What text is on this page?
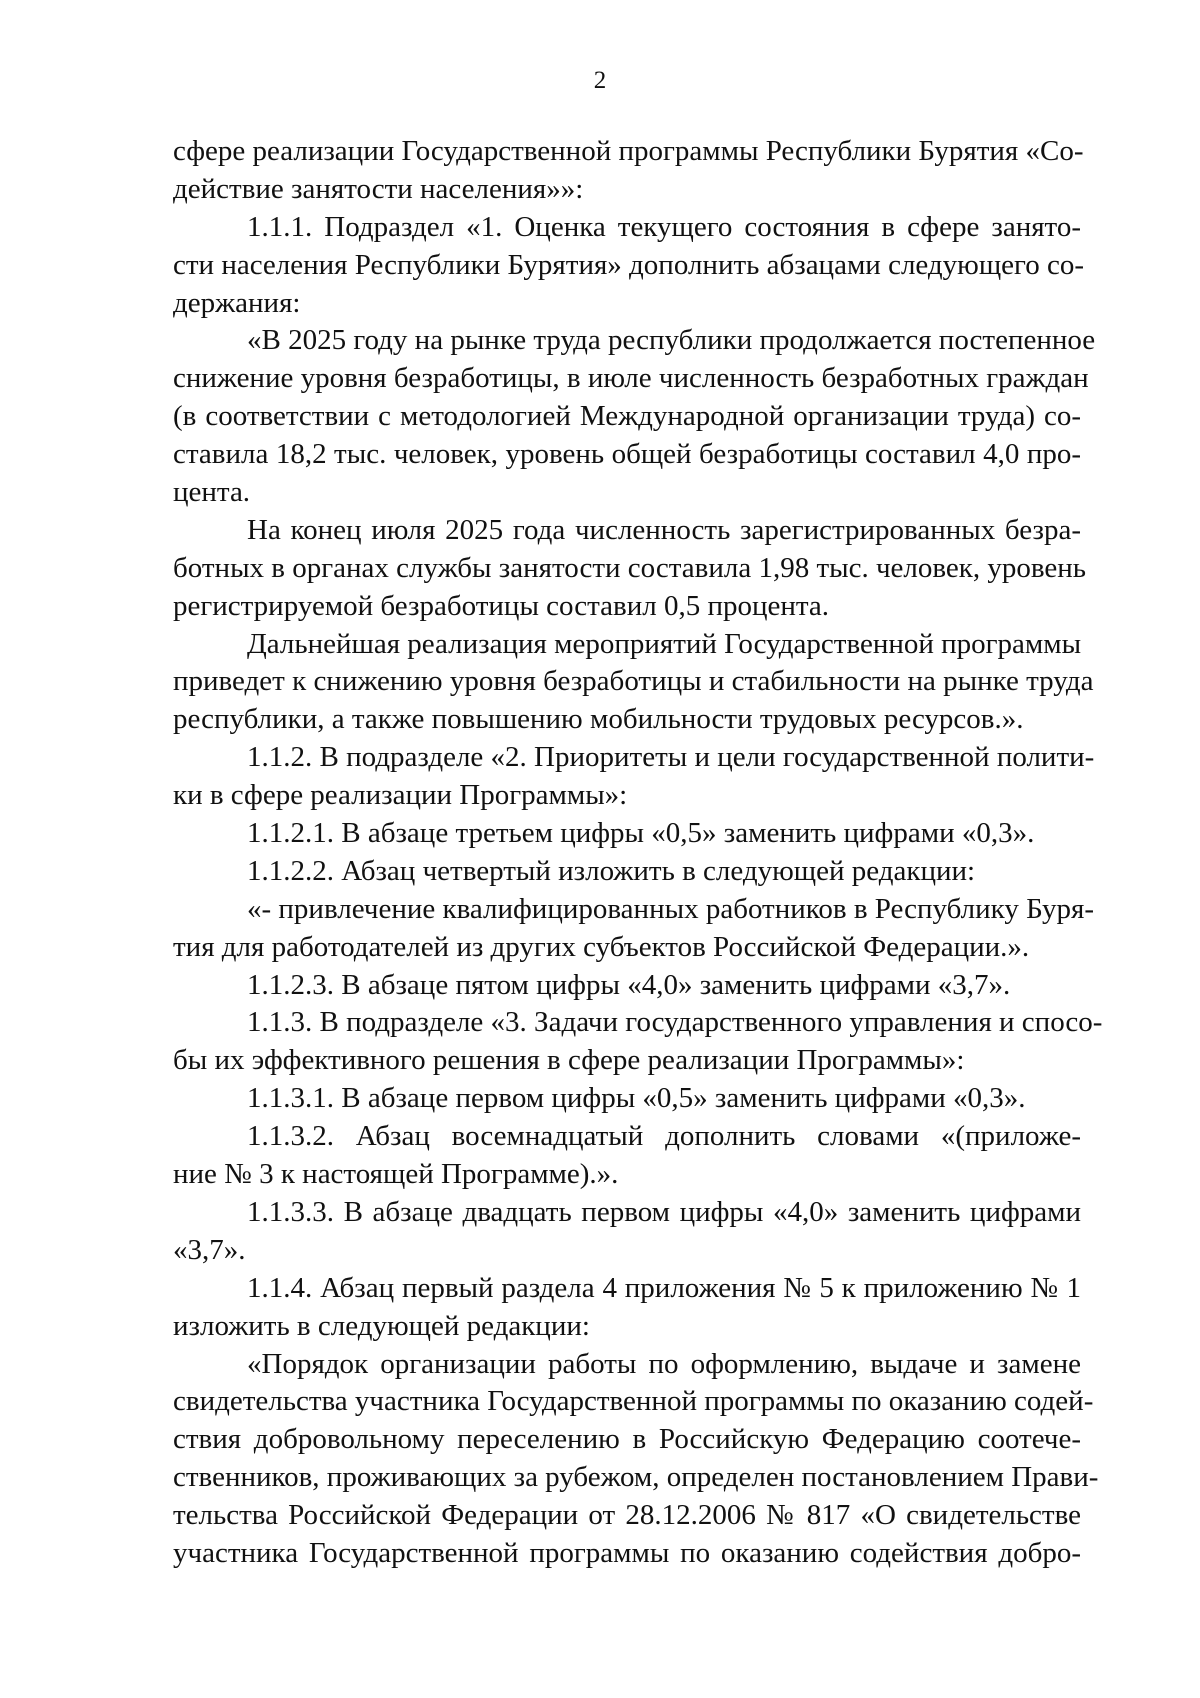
2
сфере реализации Государственной программы Республики Бурятия «Со-
действие занятости населения»»:
1.1.1. Подраздел «1. Оценка текущего состояния в сфере занято-
сти населения Республики Бурятия» дополнить абзацами следующего со-
держания:
«В 2025 году на рынке труда республики продолжается постепенное
снижение уровня безработицы, в июле численность безработных граждан
(в соответствии с методологией Международной организации труда) со-
ставила 18,2 тыс. человек, уровень общей безработицы составил 4,0 про-
цента.
На конец июля 2025 года численность зарегистрированных безра-
ботных в органах службы занятости составила 1,98 тыс. человек, уровень
регистрируемой безработицы составил 0,5 процента.
Дальнейшая реализация мероприятий Государственной программы
приведет к снижению уровня безработицы и стабильности на рынке труда
республики, а также повышению мобильности трудовых ресурсов.».
1.1.2. В подразделе «2. Приоритеты и цели государственной полити-
ки в сфере реализации Программы»:
1.1.2.1. В абзаце третьем цифры «0,5» заменить цифрами «0,3».
1.1.2.2. Абзац четвертый изложить в следующей редакции:
«- привлечение квалифицированных работников в Республику Буря-
тия для работодателей из других субъектов Российской Федерации.».
1.1.2.3. В абзаце пятом цифры «4,0» заменить цифрами «3,7».
1.1.3. В подразделе «3. Задачи государственного управления и спосо-
бы их эффективного решения в сфере реализации Программы»:
1.1.3.1. В абзаце первом цифры «0,5» заменить цифрами «0,3».
1.1.3.2. Абзац восемнадцатый дополнить словами «(приложе-
ние № 3 к настоящей Программе).».
1.1.3.3. В абзаце двадцать первом цифры «4,0» заменить цифрами
«3,7».
1.1.4. Абзац первый раздела 4 приложения № 5 к приложению № 1
изложить в следующей редакции:
«Порядок организации работы по оформлению, выдаче и замене
свидетельства участника Государственной программы по оказанию содей-
ствия добровольному переселению в Российскую Федерацию соотече-
ственников, проживающих за рубежом, определен постановлением Прави-
тельства Российской Федерации от 28.12.2006 № 817 «О свидетельстве
участника Государственной программы по оказанию содействия добро-
